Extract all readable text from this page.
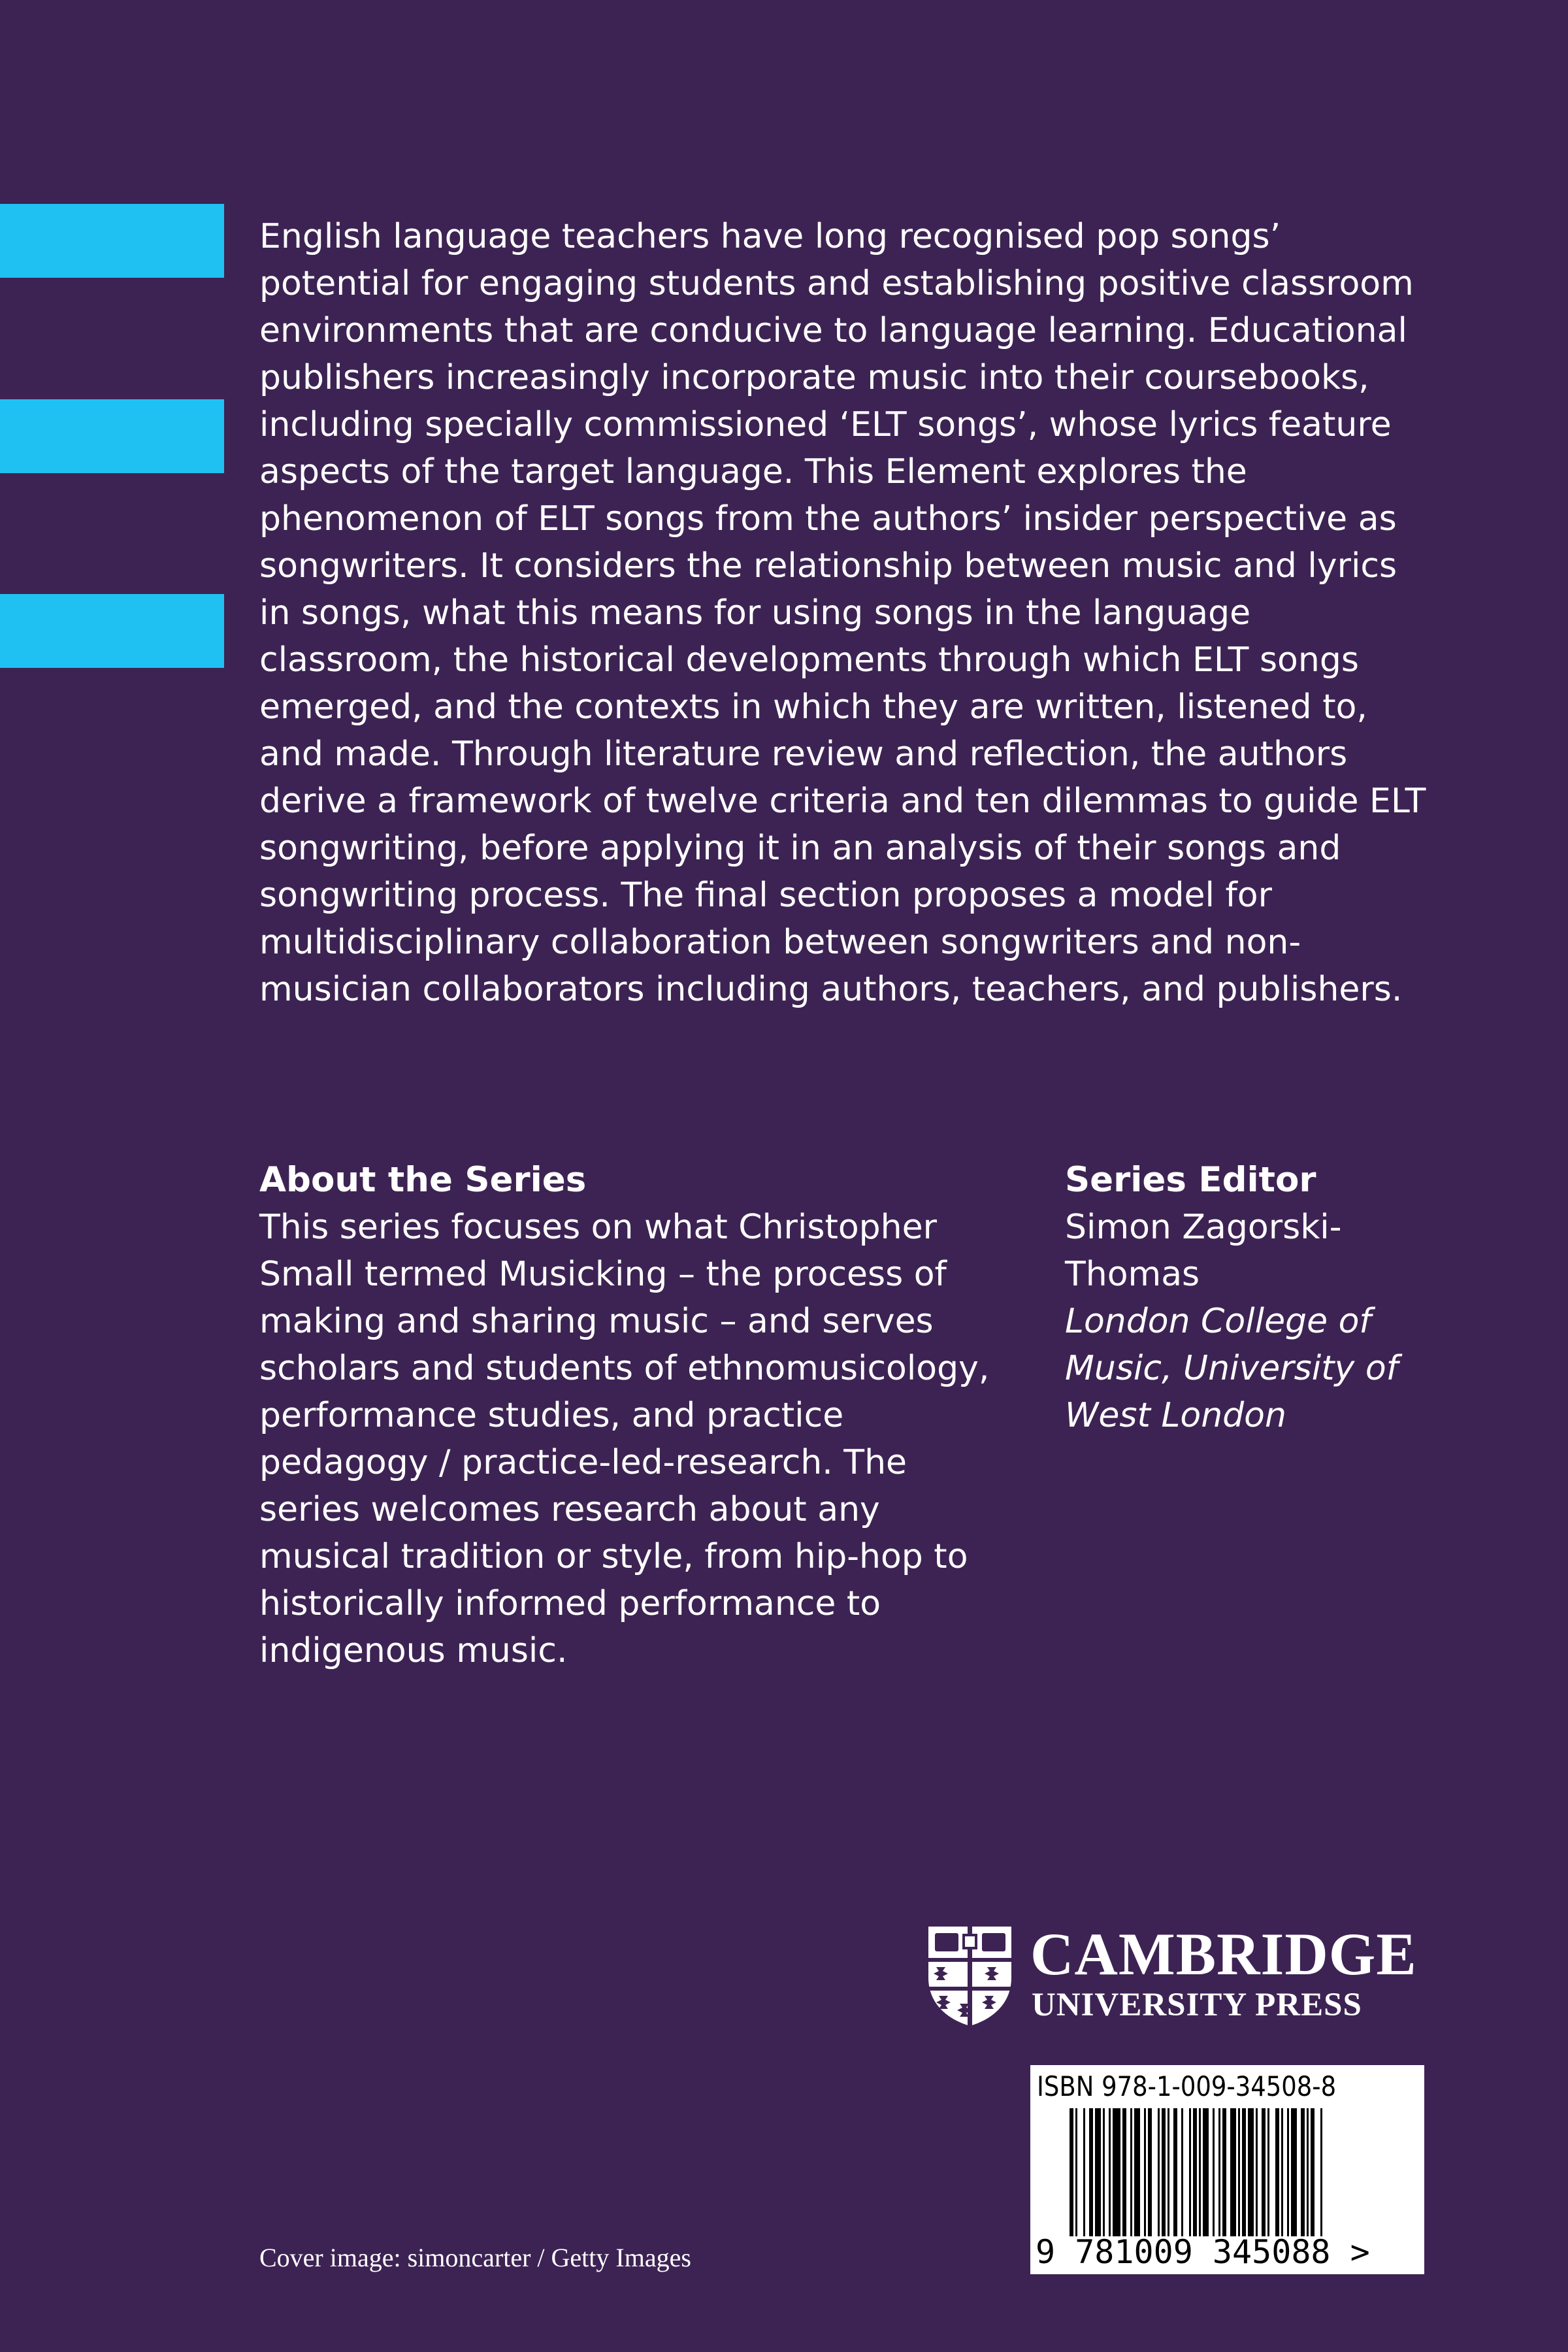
English language teachers have long recognised pop songs’ potential for engaging students and establishing positive classroom environments that are conducive to language learning. Educational publishers increasingly incorporate music into their coursebooks, including specially commissioned ‘ELT songs’, whose lyrics feature aspects of the target language. This Element explores the phenomenon of ELT songs from the authors’ insider perspective as songwriters. It considers the relationship between music and lyrics in songs, what this means for using songs in the language classroom, the historical developments through which ELT songs emerged, and the contexts in which they are written, listened to, and made. Through literature review and reflection, the authors derive a framework of twelve criteria and ten dilemmas to guide ELT songwriting, before applying it in an analysis of their songs and songwriting process. The final section proposes a model for multidisciplinary collaboration between songwriters and non-musician collaborators including authors, teachers, and publishers.

About the Series

This series focuses on what Christopher Small termed Musicking – the process of making and sharing music – and serves scholars and students of ethnomusicology, performance studies, and practice pedagogy / practice-led-research. The series welcomes research about any musical tradition or style, from hip-hop to historically informed performance to indigenous music.

Series Editor

Simon Zagorski-Thomas

London College of Music, University of West London

CAMBRIDGE
UNIVERSITY PRESS
ISBN 978-1-009-34508-8
9 781009 345088 >
Cover image: simoncarter / Getty Images
